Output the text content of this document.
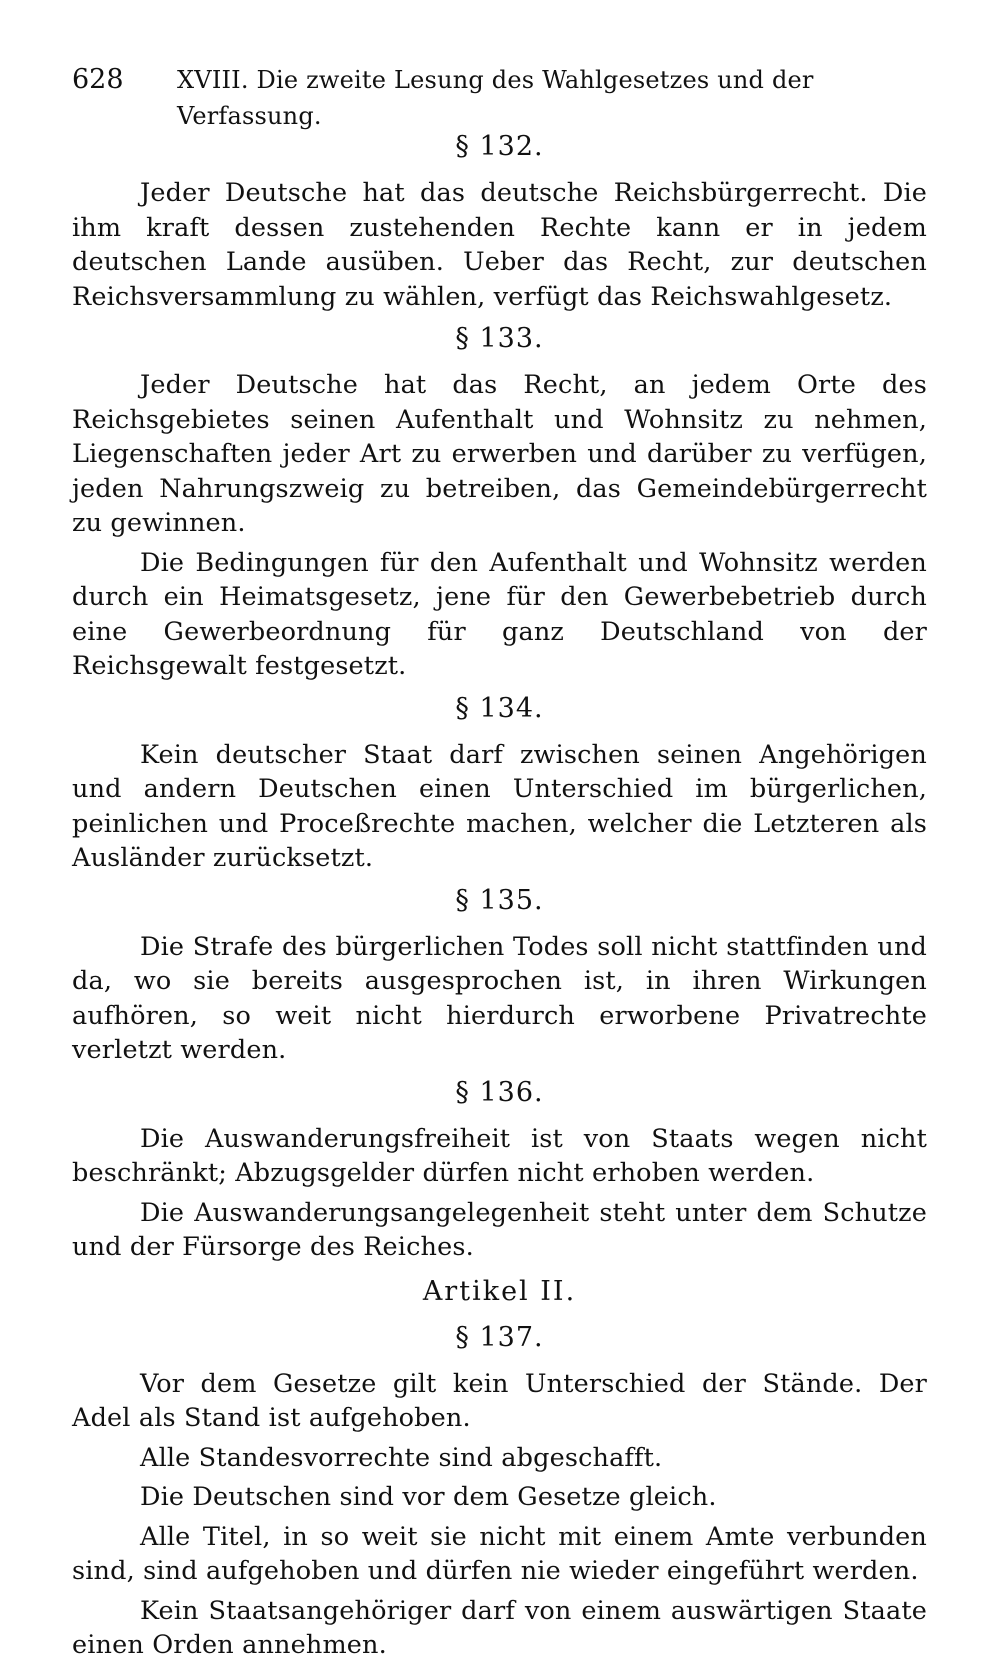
628 XVIII. Die zweite Lesung des Wahlgesetzes und der Verfassung.
§ 132.

Jeder Deutsche hat das deutsche Reichsbürgerrecht. Die ihm kraft dessen zustehenden Rechte kann er in jedem deutschen Lande ausüben. Ueber das Recht, zur deutschen Reichsversammlung zu wählen, verfügt das Reichswahlgesetz.

§ 133.

Jeder Deutsche hat das Recht, an jedem Orte des Reichsgebietes seinen Aufenthalt und Wohnsitz zu nehmen, Liegenschaften jeder Art zu erwerben und darüber zu verfügen, jeden Nahrungszweig zu betreiben, das Gemeindebürgerrecht zu gewinnen.

Die Bedingungen für den Aufenthalt und Wohnsitz werden durch ein Heimatsgesetz, jene für den Gewerbebetrieb durch eine Gewerbeordnung für ganz Deutschland von der Reichsgewalt festgesetzt.

§ 134.

Kein deutscher Staat darf zwischen seinen Angehörigen und andern Deutschen einen Unterschied im bürgerlichen, peinlichen und Proceßrechte machen, welcher die Letzteren als Ausländer zurücksetzt.

§ 135.

Die Strafe des bürgerlichen Todes soll nicht stattfinden und da, wo sie bereits ausgesprochen ist, in ihren Wirkungen aufhören, so weit nicht hierdurch erworbene Privatrechte verletzt werden.

§ 136.

Die Auswanderungsfreiheit ist von Staats wegen nicht beschränkt; Abzugsgelder dürfen nicht erhoben werden.

Die Auswanderungsangelegenheit steht unter dem Schutze und der Fürsorge des Reiches.

Artikel II.
§ 137.

Vor dem Gesetze gilt kein Unterschied der Stände. Der Adel als Stand ist aufgehoben.

Alle Standesvorrechte sind abgeschafft.

Die Deutschen sind vor dem Gesetze gleich.

Alle Titel, in so weit sie nicht mit einem Amte verbunden sind, sind aufgehoben und dürfen nie wieder eingeführt werden.

Kein Staatsangehöriger darf von einem auswärtigen Staate einen Orden annehmen.
